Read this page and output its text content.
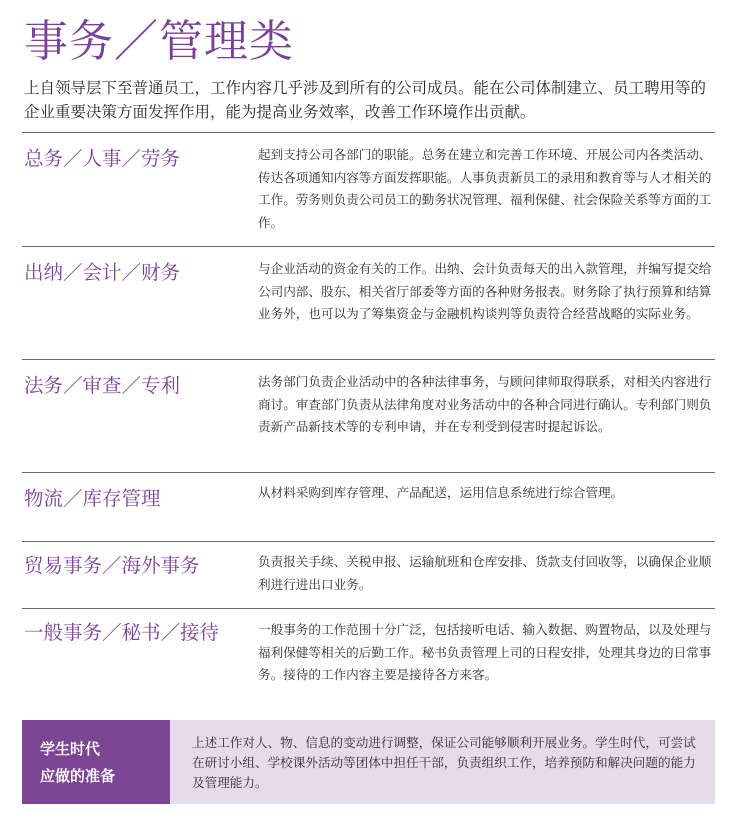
事务／管理类

上自领导层下至普通员工，工作内容几乎涉及到所有的公司成员。能在公司体制建立、员工聘用等的企业重要决策方面发挥作用，能为提高业务效率，改善工作环境作出贡献。

总务／人事／劳务	起到支持公司各部门的职能。总务在建立和完善工作环境、开展公司内各类活动、传达各项通知内容等方面发挥职能。人事负责新员工的录用和教育等与人才相关的工作。劳务则负责公司员工的勤务状况管理、福利保健、社会保险关系等方面的工作。

出纳／会计／财务	与企业活动的资金有关的工作。出纳、会计负责每天的出入款管理，并编写提交给公司内部、股东、相关省厅部委等方面的各种财务报表。财务除了执行预算和结算业务外，也可以为了筹集资金与金融机构谈判等负责符合经营战略的实际业务。

法务／审查／专利	法务部门负责企业活动中的各种法律事务，与顾问律师取得联系，对相关内容进行商讨。审查部门负责从法律角度对业务活动中的各种合同进行确认。专利部门则负责新产品新技术等的专利申请，并在专利受到侵害时提起诉讼。

物流／库存管理	从材料采购到库存管理、产品配送，运用信息系统进行综合管理。

贸易事务／海外事务	负责报关手续、关税申报、运输航班和仓库安排、货款支付回收等，以确保企业顺利进行进出口业务。

一般事务／秘书／接待	一般事务的工作范围十分广泛，包括接听电话、输入数据、购置物品，以及处理与福利保健等相关的后勤工作。秘书负责管理上司的日程安排，处理其身边的日常事务。接待的工作内容主要是接待各方来客。

学生时代
应做的准备

上述工作对人、物、信息的变动进行调整，保证公司能够顺利开展业务。学生时代，可尝试在研讨小组、学校课外活动等团体中担任干部，负责组织工作，培养预防和解决问题的能力及管理能力。
